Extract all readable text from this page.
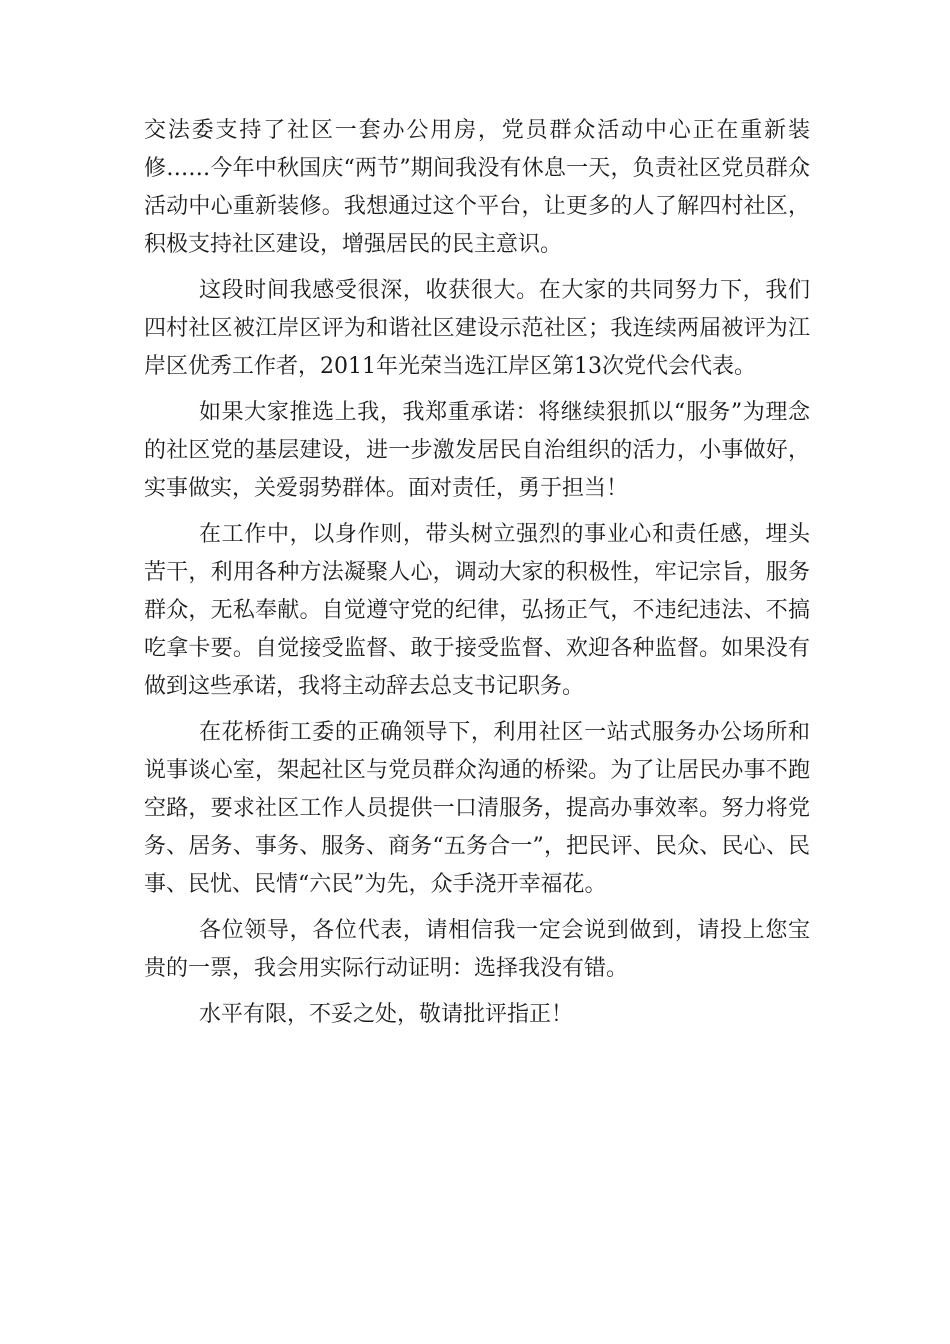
交法委支持了社区一套办公用房，党员群众活动中心正在重新装修……今年中秋国庆“两节”期间我没有休息一天，负责社区党员群众活动中心重新装修。我想通过这个平台，让更多的人了解四村社区，积极支持社区建设，增强居民的民主意识。

这段时间我感受很深，收获很大。在大家的共同努力下，我们四村社区被江岸区评为和谐社区建设示范社区；我连续两届被评为江岸区优秀工作者，2011年光荣当选江岸区第13次党代会代表。

如果大家推选上我，我郑重承诺：将继续狠抓以“服务”为理念的社区党的基层建设，进一步激发居民自治组织的活力，小事做好，实事做实，关爱弱势群体。面对责任，勇于担当！

在工作中，以身作则，带头树立强烈的事业心和责任感，埋头苦干，利用各种方法凝聚人心，调动大家的积极性，牢记宗旨，服务群众，无私奉献。自觉遵守党的纪律，弘扬正气，不违纪违法、不搞吃拿卡要。自觉接受监督、敢于接受监督、欢迎各种监督。如果没有做到这些承诺，我将主动辞去总支书记职务。

在花桥街工委的正确领导下，利用社区一站式服务办公场所和说事谈心室，架起社区与党员群众沟通的桥梁。为了让居民办事不跑空路，要求社区工作人员提供一口清服务，提高办事效率。努力将党务、居务、事务、服务、商务“五务合一”，把民评、民众、民心、民事、民忧、民情“六民”为先，众手浇开幸福花。

各位领导，各位代表，请相信我一定会说到做到，请投上您宝贵的一票，我会用实际行动证明：选择我没有错。

水平有限，不妥之处，敬请批评指正！
